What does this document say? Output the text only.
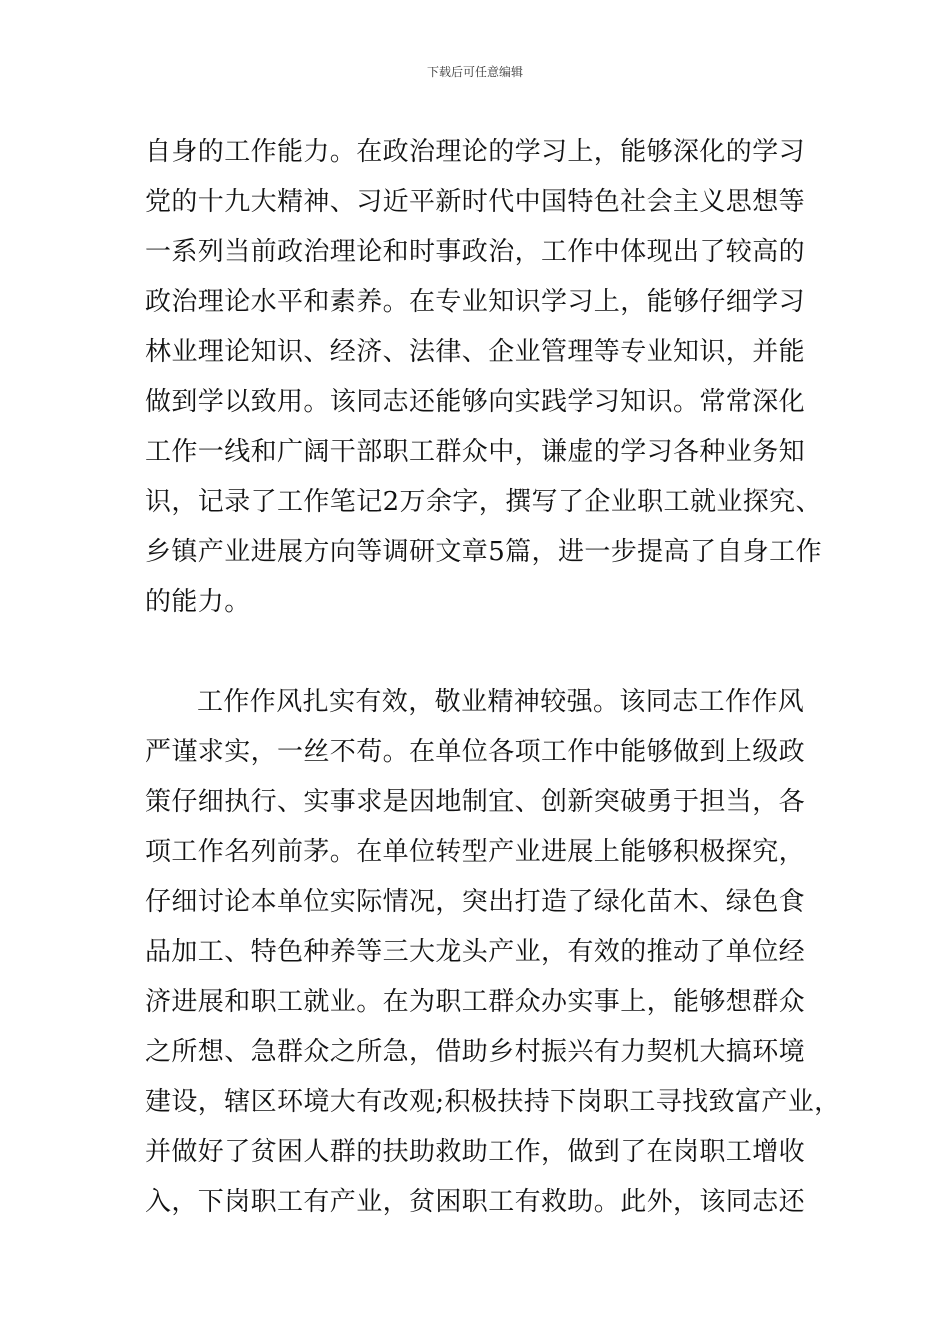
下载后可任意编辑
自身的工作能力。在政治理论的学习上，能够深化的学习
党的十九大精神、习近平新时代中国特色社会主义思想等
一系列当前政治理论和时事政治，工作中体现出了较高的
政治理论水平和素养。在专业知识学习上，能够仔细学习
林业理论知识、经济、法律、企业管理等专业知识，并能
做到学以致用。该同志还能够向实践学习知识。常常深化
工作一线和广阔干部职工群众中，谦虚的学习各种业务知
识，记录了工作笔记2万余字，撰写了企业职工就业探究、
乡镇产业进展方向等调研文章5篇，进一步提高了自身工作
的能力。
工作作风扎实有效，敬业精神较强。该同志工作作风
严谨求实，一丝不苟。在单位各项工作中能够做到上级政
策仔细执行、实事求是因地制宜、创新突破勇于担当，各
项工作名列前茅。在单位转型产业进展上能够积极探究，
仔细讨论本单位实际情况，突出打造了绿化苗木、绿色食
品加工、特色种养等三大龙头产业，有效的推动了单位经
济进展和职工就业。在为职工群众办实事上，能够想群众
之所想、急群众之所急，借助乡村振兴有力契机大搞环境
建设，辖区环境大有改观;积极扶持下岗职工寻找致富产业，
并做好了贫困人群的扶助救助工作，做到了在岗职工增收
入，下岗职工有产业，贫困职工有救助。此外，该同志还
